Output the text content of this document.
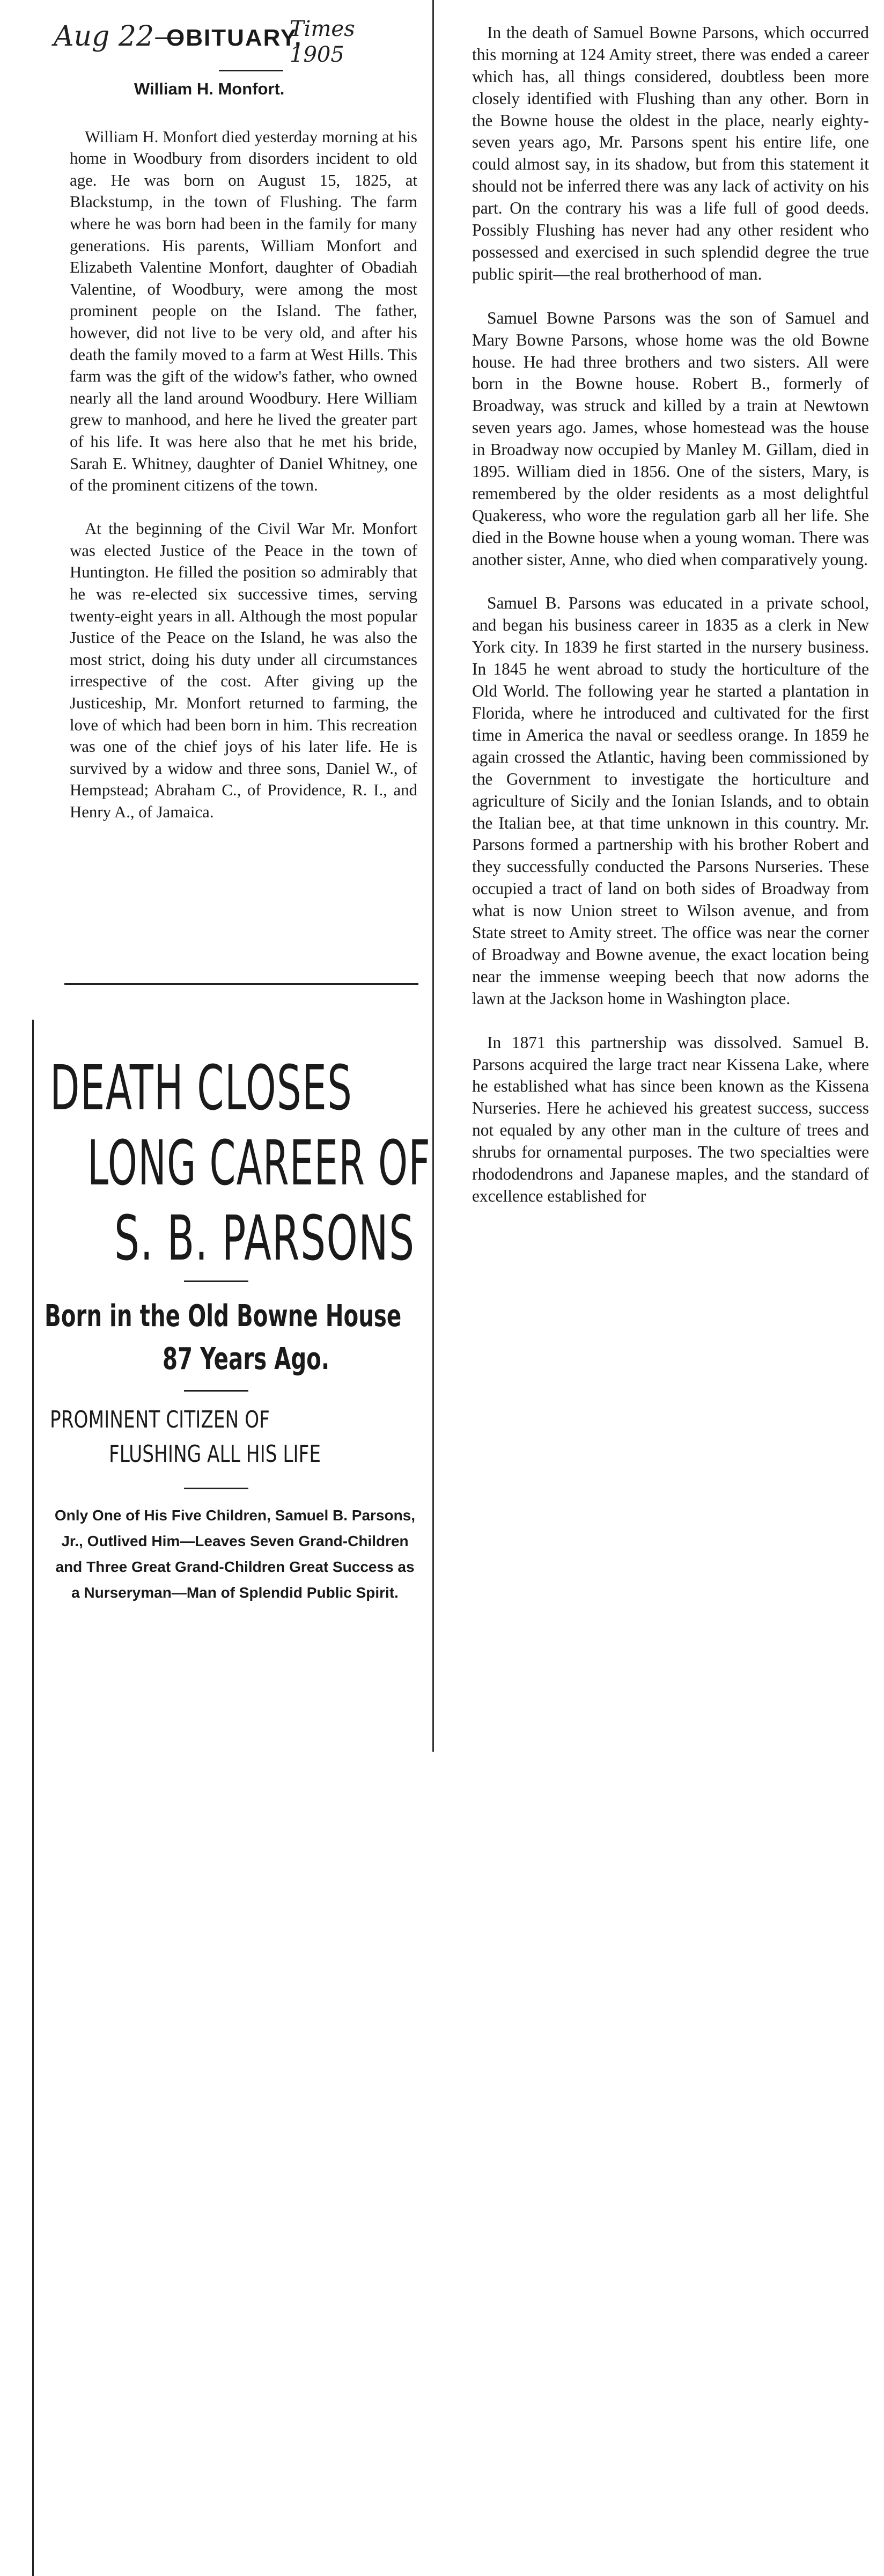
Aug 22—	Times 1905
OBITUARY.
William H. Monfort.

William H. Monfort died yesterday morning at his home in Woodbury from disorders incident to old age. He was born on August 15, 1825, at Blackstump, in the town of Flushing. The farm where he was born had been in the family for many generations. His parents, William Monfort and Elizabeth Valentine Monfort, daughter of Obadiah Valentine, of Woodbury, were among the most prominent people on the Island. The father, however, did not live to be very old, and after his death the family moved to a farm at West Hills. This farm was the gift of the widow's father, who owned nearly all the land around Woodbury. Here William grew to manhood, and here he lived the greater part of his life. It was here also that he met his bride, Sarah E. Whitney, daughter of Daniel Whitney, one of the prominent citizens of the town.

At the beginning of the Civil War Mr. Monfort was elected Justice of the Peace in the town of Huntington. He filled the position so admirably that he was re-elected six successive times, serving twenty-eight years in all. Although the most popular Justice of the Peace on the Island, he was also the most strict, doing his duty under all circumstances irrespective of the cost. After giving up the Justiceship, Mr. Monfort returned to farming, the love of which had been born in him. This recreation was one of the chief joys of his later life. He is survived by a widow and three sons, Daniel W., of Hempstead; Abraham C., of Providence, R. I., and Henry A., of Jamaica.

DEATH CLOSES
LONG CAREER OF
S. B. PARSONS
Born in the Old Bowne House
87 Years Ago.
PROMINENT CITIZEN OF
FLUSHING ALL HIS LIFE
Only One of His Five Children, Samuel B. Parsons, Jr., Outlived Him—Leaves Seven Grand-Children and Three Great Grand-Children Great Success as a Nurseryman—Man of Splendid Public Spirit.

In the death of Samuel Bowne Parsons, which occurred this morning at 124 Amity street, there was ended a career which has, all things considered, doubtless been more closely identified with Flushing than any other. Born in the Bowne house the oldest in the place, nearly eighty-seven years ago, Mr. Parsons spent his entire life, one could almost say, in its shadow, but from this statement it should not be inferred there was any lack of activity on his part. On the contrary his was a life full of good deeds. Possibly Flushing has never had any other resident who possessed and exercised in such splendid degree the true public spirit—the real brotherhood of man.

Samuel Bowne Parsons was the son of Samuel and Mary Bowne Parsons, whose home was the old Bowne house. He had three brothers and two sisters. All were born in the Bowne house. Robert B., formerly of Broadway, was struck and killed by a train at Newtown seven years ago. James, whose homestead was the house in Broadway now occupied by Manley M. Gillam, died in 1895. William died in 1856. One of the sisters, Mary, is remembered by the older residents as a most delightful Quakeress, who wore the regulation garb all her life. She died in the Bowne house when a young woman. There was another sister, Anne, who died when comparatively young.

Samuel B. Parsons was educated in a private school, and began his business career in 1835 as a clerk in New York city. In 1839 he first started in the nursery business. In 1845 he went abroad to study the horticulture of the Old World. The following year he started a plantation in Florida, where he introduced and cultivated for the first time in America the naval or seedless orange. In 1859 he again crossed the Atlantic, having been commissioned by the Government to investigate the horticulture and agriculture of Sicily and the Ionian Islands, and to obtain the Italian bee, at that time unknown in this country. Mr. Parsons formed a partnership with his brother Robert and they successfully conducted the Parsons Nurseries. These occupied a tract of land on both sides of Broadway from what is now Union street to Wilson avenue, and from State street to Amity street. The office was near the corner of Broadway and Bowne avenue, the exact location being near the immense weeping beech that now adorns the lawn at the Jackson home in Washington place.

In 1871 this partnership was dissolved. Samuel B. Parsons acquired the large tract near Kissena Lake, where he established what has since been known as the Kissena Nurseries. Here he achieved his greatest success, success not equaled by any other man in the culture of trees and shrubs for ornamental purposes. The two specialties were rhododendrons and Japanese maples, and the standard of excellence established for
